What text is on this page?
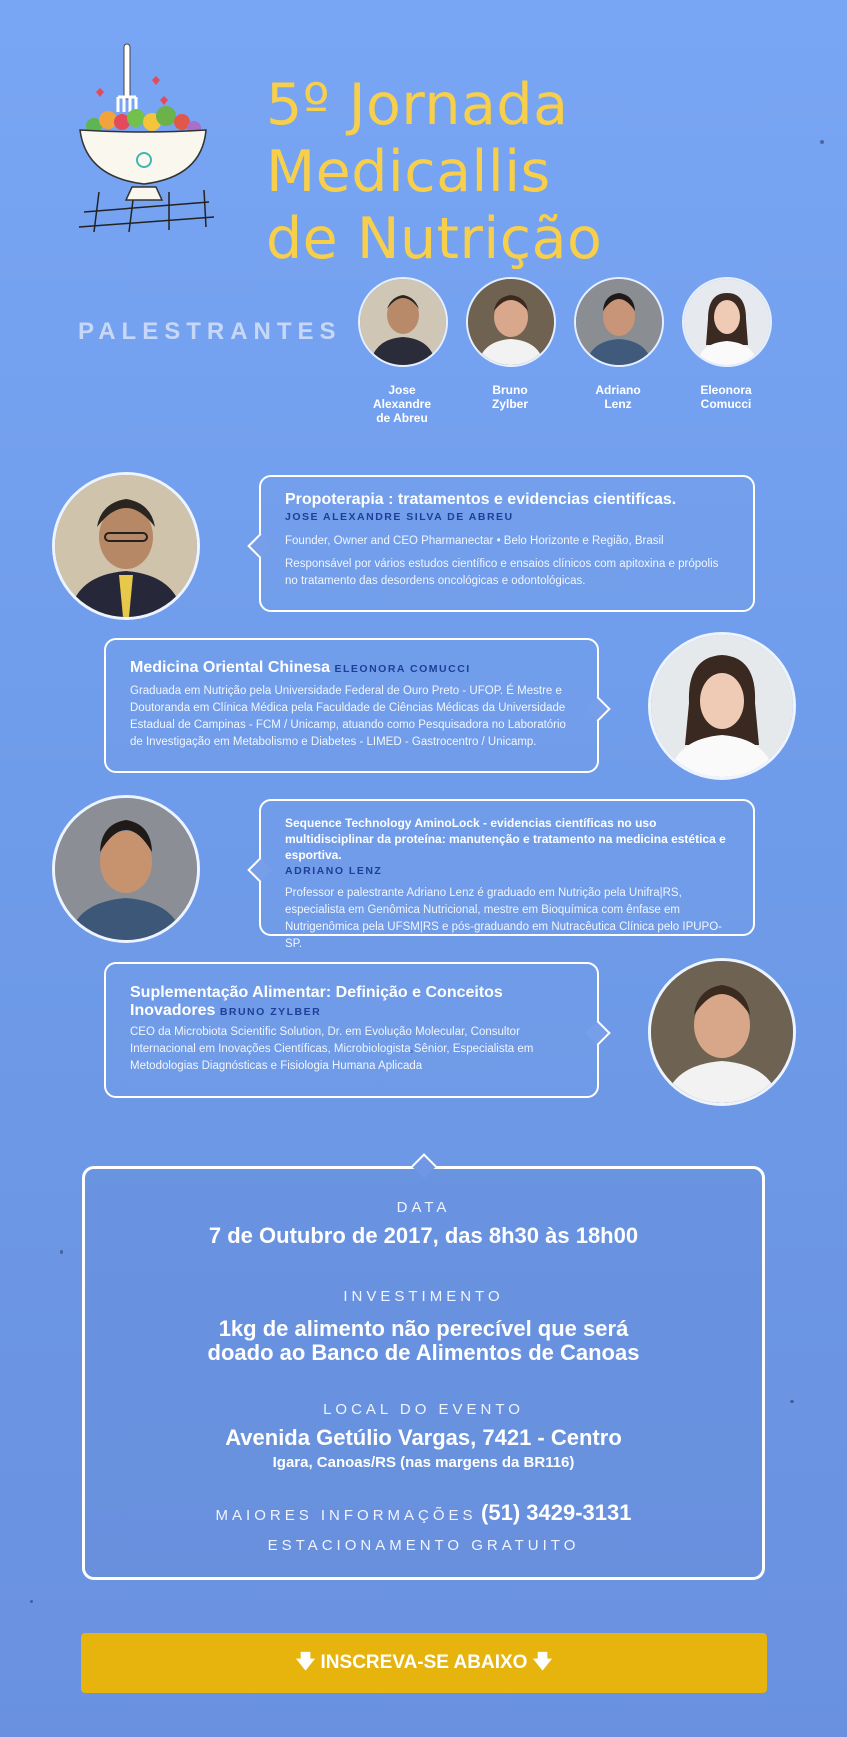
5º Jornada Medicallis
de Nutrição
PALESTRANTES
Jose Alexandre
de Abreu
Bruno
Zylber
Adriano
Lenz
Eleonora
Comucci
Propoterapia : tratamentos e evidencias cientifícas.
JOSE ALEXANDRE SILVA DE ABREU
Founder, Owner and CEO Pharmanectar • Belo Horizonte e Região, Brasil
Responsável por vários estudos científico e ensaios clínicos com apitoxina e própolis no tratamento das desordens oncológicas e odontológicas.
Medicina Oriental Chinesa ELEONORA COMUCCI
Graduada em Nutrição pela Universidade Federal de Ouro Preto - UFOP. É Mestre e Doutoranda em Clínica Médica pela Faculdade de Ciências Médicas da Universidade Estadual de Campinas - FCM / Unicamp, atuando como Pesquisadora no Laboratório de Investigação em Metabolismo e Diabetes - LIMED - Gastrocentro / Unicamp.
Sequence Technology AminoLock - evidencias científicas no uso multidisciplinar da proteína: manutenção e tratamento na medicina estética e esportiva.
ADRIANO LENZ
Professor e palestrante Adriano Lenz é graduado em Nutrição pela Unifra|RS, especialista em Genômica Nutricional, mestre em Bioquímica com ênfase em Nutrigenômica pela UFSM|RS e pós-graduando em Nutracêutica Clínica pelo IPUPO-SP.
Suplementação Alimentar: Definição e Conceitos Inovadores BRUNO ZYLBER
CEO da Microbiota Scientific Solution, Dr. em Evolução Molecular, Consultor Internacional em Inovações Científicas, Microbiologista Sênior, Especialista em Metodologias Diagnósticas e Fisiologia Humana Aplicada
DATA
7 de Outubro de 2017, das 8h30 às 18h00
INVESTIMENTO
1kg de alimento não perecível que será
doado ao Banco de Alimentos de Canoas
LOCAL DO EVENTO
Avenida Getúlio Vargas, 7421 - Centro
Igara, Canoas/RS (nas margens da BR116)
MAIORES INFORMAÇÕES (51) 3429-3131
ESTACIONAMENTO GRATUITO
🡇 INSCREVA-SE ABAIXO 🡇
